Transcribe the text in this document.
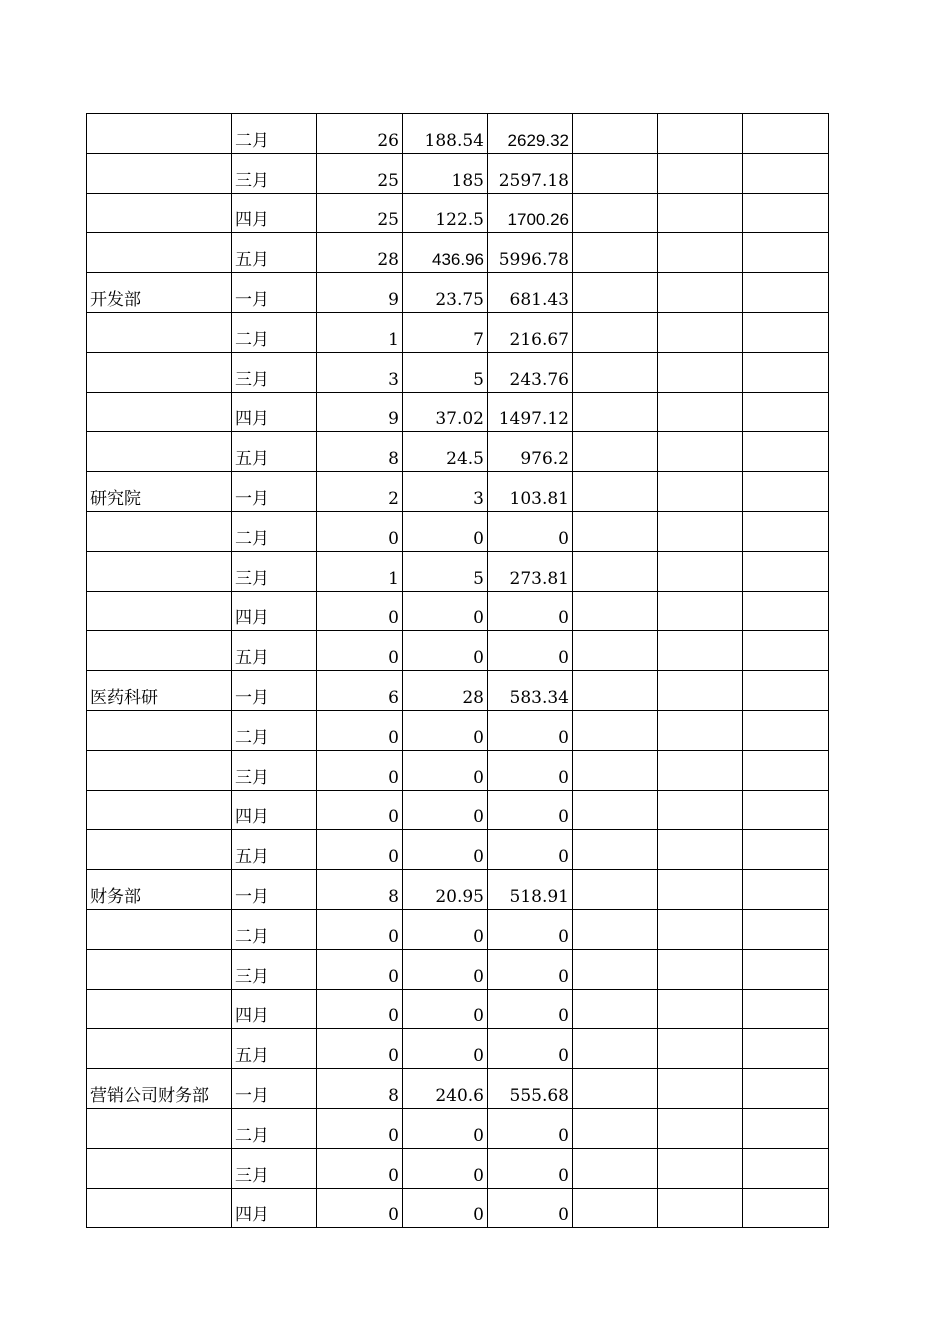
	二月	26	188.54	2629.32			
	三月	25	185	2597.18			
	四月	25	122.5	1700.26			
	五月	28	436.96	5996.78			
开发部	一月	9	23.75	681.43			
	二月	1	7	216.67			
	三月	3	5	243.76			
	四月	9	37.02	1497.12			
	五月	8	24.5	976.2			
研究院	一月	2	3	103.81			
	二月	0	0	0			
	三月	1	5	273.81			
	四月	0	0	0			
	五月	0	0	0			
医药科研	一月	6	28	583.34			
	二月	0	0	0			
	三月	0	0	0			
	四月	0	0	0			
	五月	0	0	0			
财务部	一月	8	20.95	518.91			
	二月	0	0	0			
	三月	0	0	0			
	四月	0	0	0			
	五月	0	0	0			
营销公司财务部	一月	8	240.6	555.68			
	二月	0	0	0			
	三月	0	0	0			
	四月	0	0	0			
